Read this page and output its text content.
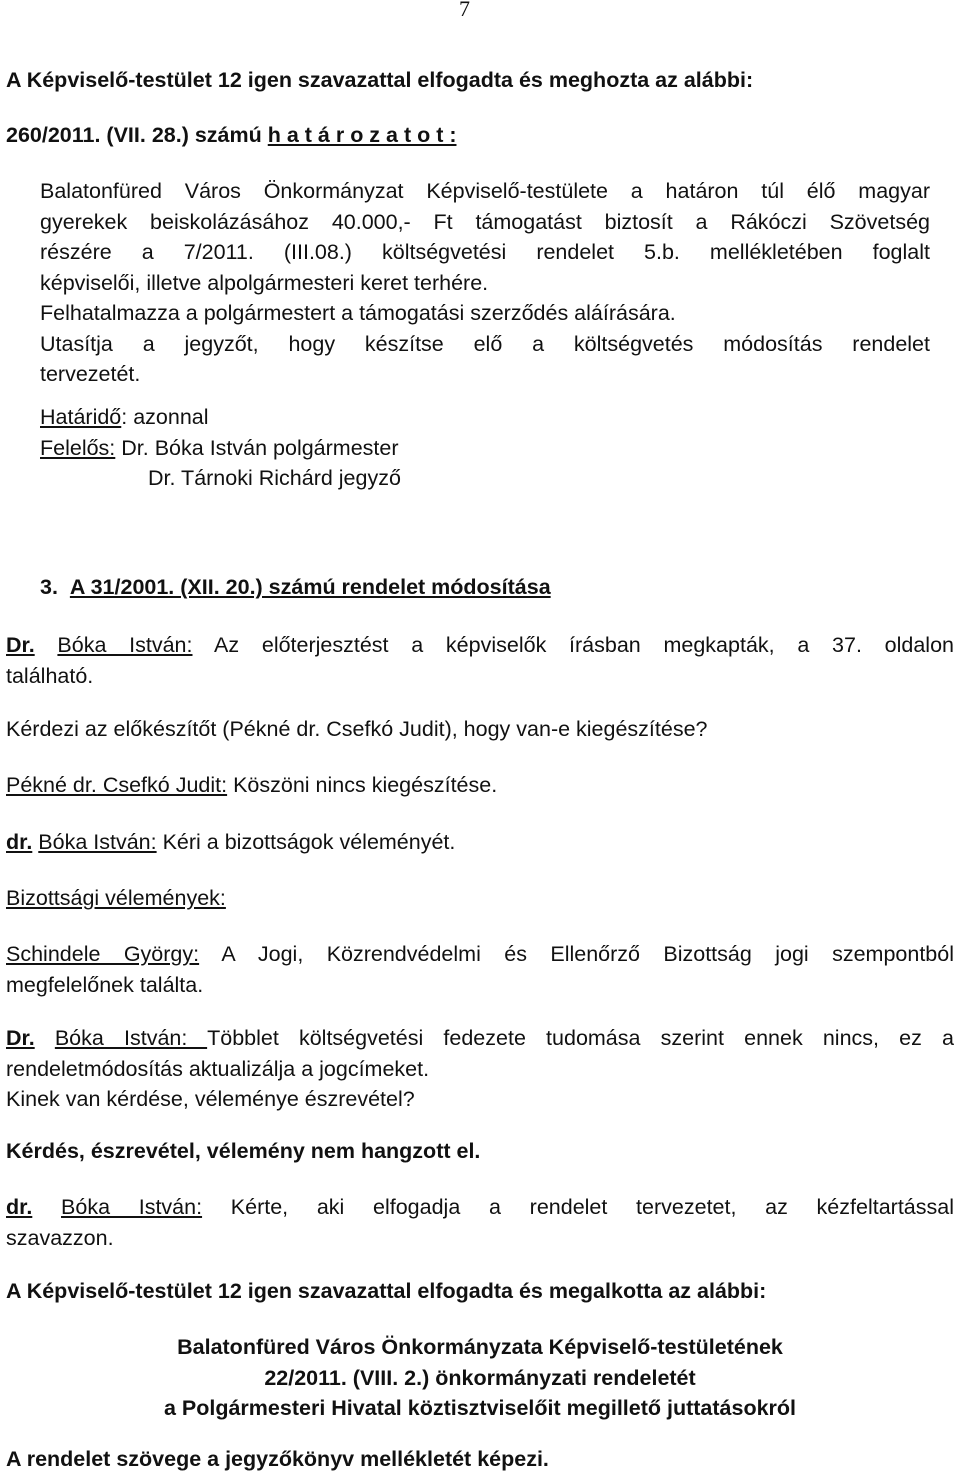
7
A Képviselő-testület 12 igen szavazattal elfogadta és meghozta az alábbi:
260/2011. (VII. 28.) számú h a t á r o z a t o t :
Balatonfüred Város Önkormányzat Képviselő-testülete a határon túl élő magyar
gyerekek beiskolázásához 40.000,- Ft támogatást biztosít a Rákóczi Szövetség
részére a 7/2011. (III.08.) költségvetési rendelet 5.b. mellékletében foglalt
képviselői, illetve alpolgármesteri keret terhére.
Felhatalmazza a polgármestert a támogatási szerződés aláírására.
Utasítja a jegyzőt, hogy készítse elő a költségvetés módosítás rendelet
tervezetét.
Határidő: azonnal
Felelős: Dr. Bóka István polgármester
Dr. Tárnoki Richárd jegyző
3. A 31/2001. (XII. 20.) számú rendelet módosítása
Dr. Bóka István: Az előterjesztést a képviselők írásban megkapták, a 37. oldalon
található.
Kérdezi az előkészítőt (Pékné dr. Csefkó Judit), hogy van-e kiegészítése?
Pékné dr. Csefkó Judit: Köszöni nincs kiegészítése.
dr. Bóka István: Kéri a bizottságok véleményét.
Bizottsági vélemények:
Schindele György: A Jogi, Közrendvédelmi és Ellenőrző Bizottság jogi szempontból
megfelelőnek találta.
Dr. Bóka István: Többlet költségvetési fedezete tudomása szerint ennek nincs, ez a
rendeletmódosítás aktualizálja a jogcímeket.
Kinek van kérdése, véleménye észrevétel?
Kérdés, észrevétel, vélemény nem hangzott el.
dr. Bóka István: Kérte, aki elfogadja a rendelet tervezetet, az kézfeltartással
szavazzon.
A Képviselő-testület 12 igen szavazattal elfogadta és megalkotta az alábbi:
Balatonfüred Város Önkormányzata Képviselő-testületének
22/2011. (VIII. 2.) önkormányzati rendeletét
a Polgármesteri Hivatal köztisztviselőit megillető juttatásokról
A rendelet szövege a jegyzőkönyv mellékletét képezi.
